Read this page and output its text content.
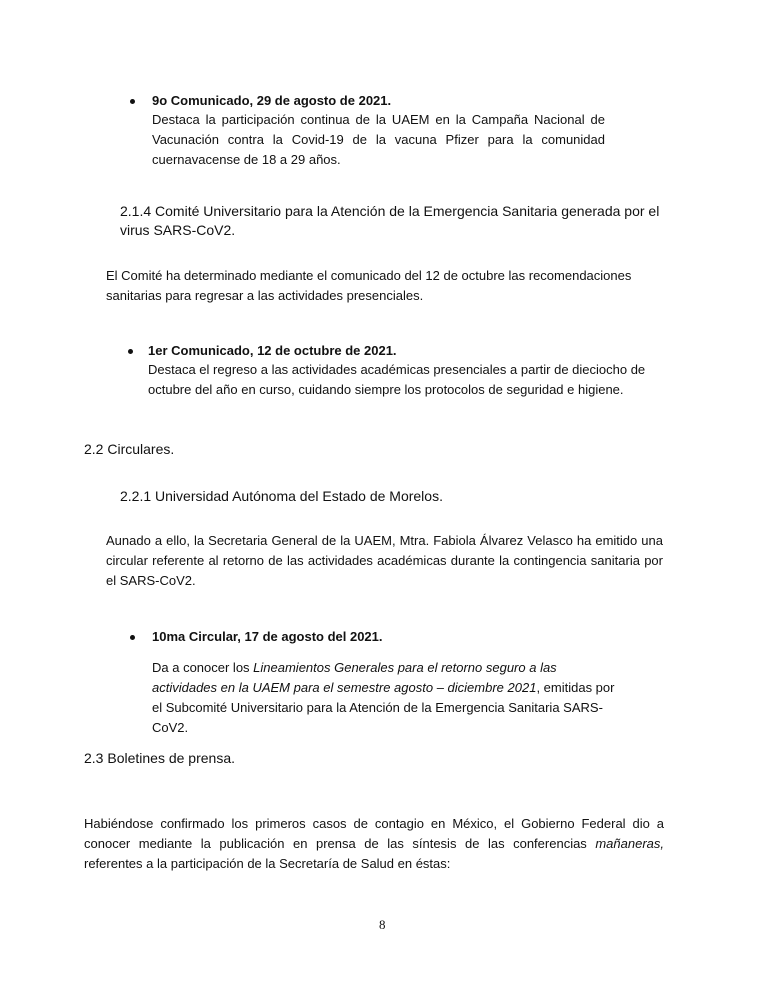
9o Comunicado, 29 de agosto de 2021.
Destaca la participación continua de la UAEM en la Campaña Nacional de Vacunación contra la Covid-19 de la vacuna Pfizer para la comunidad cuernavacense de 18 a 29 años.
2.1.4 Comité Universitario para la Atención de la Emergencia Sanitaria generada por el
virus SARS-CoV2.
El Comité ha determinado mediante el comunicado del 12 de octubre las recomendaciones sanitarias para regresar a las actividades presenciales.
1er Comunicado, 12 de octubre de 2021.
Destaca el regreso a las actividades académicas presenciales a partir de dieciocho de octubre del año en curso, cuidando siempre los protocolos de seguridad e higiene.
2.2 Circulares.
2.2.1 Universidad Autónoma del Estado de Morelos.
Aunado a ello, la Secretaria General de la UAEM, Mtra. Fabiola Álvarez Velasco ha emitido una circular referente al retorno de las actividades académicas durante la contingencia sanitaria por el SARS-CoV2.
10ma Circular, 17 de agosto del 2021.
Da a conocer los Lineamientos Generales para el retorno seguro a las actividades en la UAEM para el semestre agosto – diciembre 2021, emitidas por el Subcomité Universitario para la Atención de la Emergencia Sanitaria SARS-CoV2.
2.3 Boletines de prensa.
Habiéndose confirmado los primeros casos de contagio en México, el Gobierno Federal dio a conocer mediante la publicación en prensa de las síntesis de las conferencias mañaneras, referentes a la participación de la Secretaría de Salud en éstas:
8
